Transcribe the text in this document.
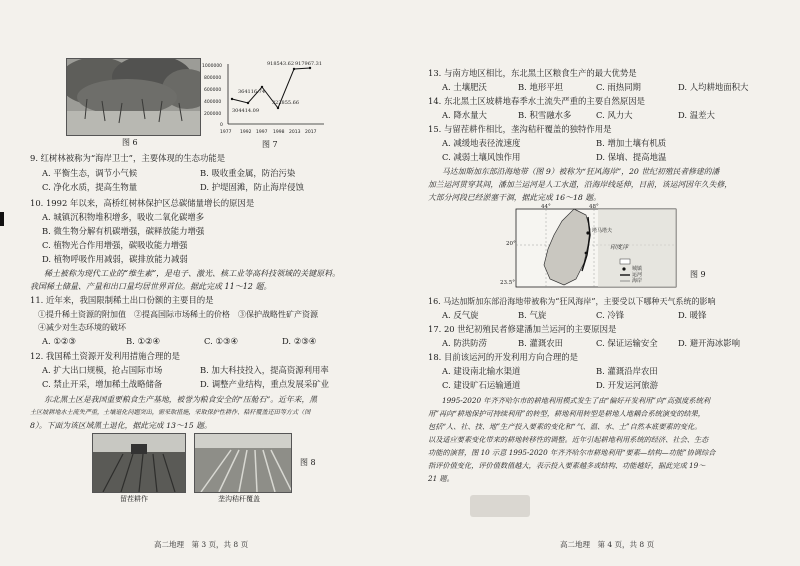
图 6
1000000
800000
600000
400000
200000
0
1977 1992 1997 1998 2013 2017
918543.62 917967.31
364116.74
304414.09
322855.66
图 7
9. 红树林被称为“海岸卫士”，主要体现的生态功能是
A. 平衡生态，调节小气候	B. 吸收重金属，防治污染
C. 净化水质，提高生物量	D. 护堤固滩，防止海岸侵蚀
10. 1992 年以来，高桥红树林保护区总碳储量增长的原因是
A. 城镇沉积物堆积增多，吸收二氧化碳增多
B. 微生物分解有机碳增强，碳释放能力增强
C. 植物光合作用增强，碳吸收能力增强
D. 植物呼吸作用减弱，碳排放能力减弱
稀土被称为现代工业的“维生素”，是电子、激光、核工业等高科技领域的关键原料。
我国稀土储量、产量和出口量均居世界首位。据此完成 11～12 题。
11. 近年来，我国限制稀土出口份额的主要目的是
①提升稀土资源的附加值　②提高国际市场稀土的价格　③保护战略性矿产资源
④减少对生态环境的破坏
A. ①②③	B. ①②④	C. ①③④	D. ②③④
12. 我国稀土资源开发利用措施合理的是
A. 扩大出口规模，抢占国际市场	B. 加大科技投入，提高资源利用率
C. 禁止开采，增加稀土战略储备	D. 调整产业结构，重点发展采矿业
东北黑土区是我国重要粮食生产基地，被誉为粮食安全的“压舱石”。近年来，黑
土区坡耕地水土流失严重，土壤退化问题突出，需采取措施，采取保护性耕作、秸秆覆盖还田等方式（图
8）。下面为该区域黑土退化，据此完成 13～15 题。
留茬耕作	垄沟秸秆覆盖
图 8
高二地理　第 3 页，共 8 页
13. 与南方地区相比，东北黑土区粮食生产的最大优势是
A. 土壤肥沃	B. 地形平坦	C. 雨热同期	D. 人均耕地面积大
14. 东北黑土区坡耕地春季水土流失严重的主要自然原因是
A. 降水量大	B. 积雪融水多	C. 风力大	D. 温差大
15. 与留茬耕作相比，垄沟秸秆覆盖的独特作用是
A. 减缓地表径流速度	B. 增加土壤有机质
C. 减弱土壤风蚀作用	D. 保墒、提高地温
马达加斯加东部沿海地带（图 9）被称为“狂风海岸”，20 世纪初殖民者修建的潘
加兰运河贯穿其间，潘加兰运河是人工水道，沿海岸线延伸，目前，该运河因年久失修，
大部分河段已经淤塞干涸，据此完成 16～18 题。
44°	48°
20°
23.5°
塔马塔夫
印度洋
城镇
运河
海岸
图 9
16. 马达加斯加东部沿海地带被称为“狂风海岸”，主要受以下哪种天气系统的影响
A. 反气旋	B. 气旋	C. 冷锋	D. 暖锋
17. 20 世纪初殖民者修建潘加兰运河的主要原因是
A. 防洪防涝	B. 灌溉农田	C. 保证运输安全 D. 避开海冰影响
18. 目前该运河的开发利用方向合理的是
A. 建设南北输水渠道	B. 灌溉沿岸农田
C. 建设旷石运输通道	D. 开发运河旅游
1995-2020 年齐齐哈尔市的耕地利用模式发生了由“偏好开发利用”向“高强度系统利
用”再向“耕地保护可持续利用”的转型，耕地利用转型是耕地人地耦合系统演变的结果，
包括“人、社、技、地”生产投入要素的变化和“气、温、水、土”自然本底要素的变化。
以及适应要素变化带来的耕地转移性的调整。近年引起耕地利用系统的经济、社会、生态
功能的演替，图 10 示意 1995-2020 年齐齐哈尔市耕地利用“要素—结构—功能”协调综合
指评价值变化，评价值数值越大，表示投入要素越多或结构、功能越好，据此完成 19～
21 题。
高二地理　第 4 页，共 8 页
